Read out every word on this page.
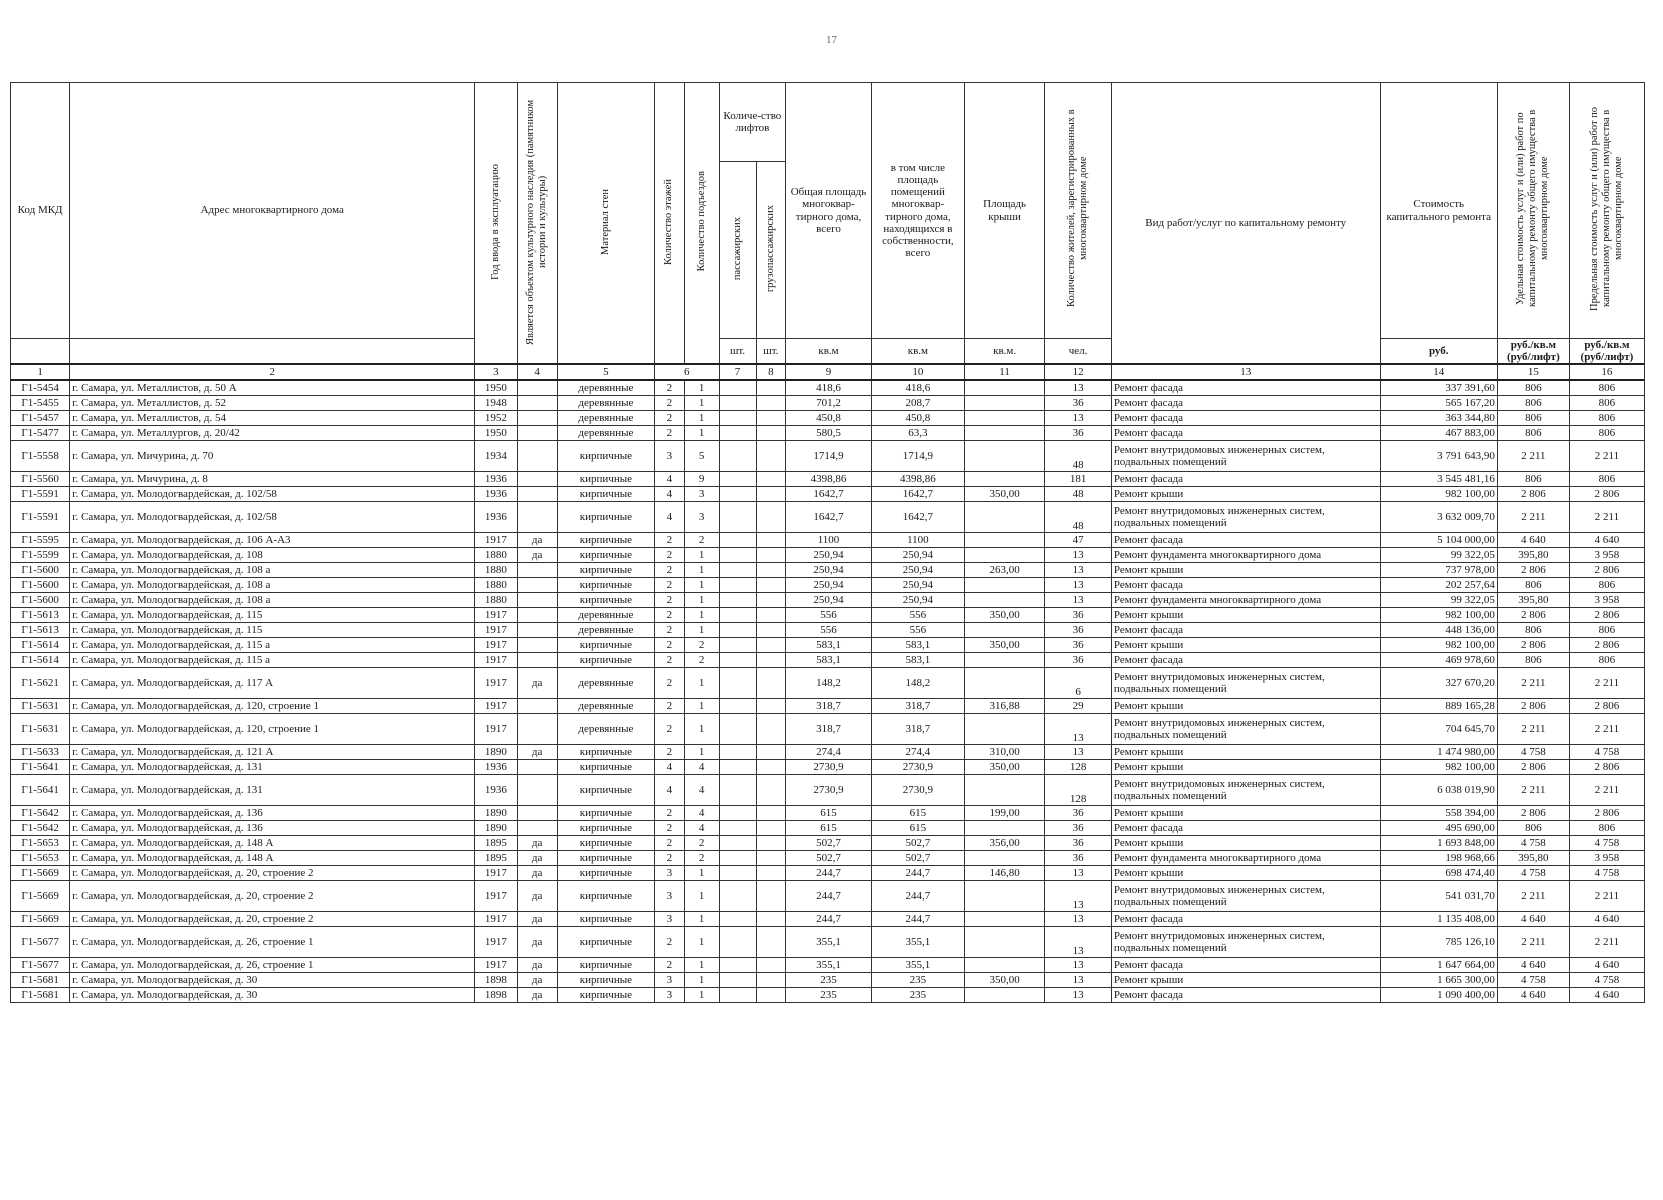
17
Код МКД	Адрес многоквартирного дома	Год ввода в эксплуатацию	Является объектом культурного наследия (памятником истории и культуры)	Материал стен	Количество этажей	Количество подъездов	Количе-ство лифтов		Общая площадь многоквар-тирного дома, всего	в том числе площадь помещений многоквар-тирного дома, находящихся в собственности, всего	Площадь крыши	Количество жителей, зарегистрированных в многоквартирном доме	Вид работ/услуг по капитальному ремонту	Стоимость капитального ремонта	Удельная стоимость услуг и (или) работ по капитальному ремонту общего имущества в многоквартирном доме	Предельная стоимость услуг и (или) работ по капитальному ремонту общего имущества в многоквартирном доме
							пассажирских	грузопассажирских								
							шт.	шт.	кв.м	кв.м	кв.м.	чел.		руб.	руб./кв.м (руб/лифт)	руб./кв.м (руб/лифт)
1	2	3	4	5	6		7	8	9	10	11	12	13	14	15	16
Г1-5454	г. Самара, ул. Металлистов, д. 50 А	1950		деревянные	2	1			418,6	418,6		13	Ремонт фасада	337 391,60	806	806
Г1-5455	г. Самара, ул. Металлистов, д. 52	1948		деревянные	2	1			701,2	208,7		36	Ремонт фасада	565 167,20	806	806
Г1-5457	г. Самара, ул. Металлистов, д. 54	1952		деревянные	2	1			450,8	450,8		13	Ремонт фасада	363 344,80	806	806
Г1-5477	г. Самара, ул. Металлургов, д. 20/42	1950		деревянные	2	1			580,5	63,3		36	Ремонт фасада	467 883,00	806	806
Г1-5558	г. Самара, ул. Мичурина, д. 70	1934		кирпичные	3	5			1714,9	1714,9		48	Ремонт внутридомовых инженерных систем, подвальных помещений	3 791 643,90	2 211	2 211
Г1-5560	г. Самара, ул. Мичурина, д. 8	1936		кирпичные	4	9			4398,86	4398,86		181	Ремонт фасада	3 545 481,16	806	806
Г1-5591	г. Самара, ул. Молодогвардейская, д. 102/58	1936		кирпичные	4	3			1642,7	1642,7	350,00	48	Ремонт крыши	982 100,00	2 806	2 806
Г1-5591	г. Самара, ул. Молодогвардейская, д. 102/58	1936		кирпичные	4	3			1642,7	1642,7		48	Ремонт внутридомовых инженерных систем, подвальных помещений	3 632 009,70	2 211	2 211
Г1-5595	г. Самара, ул. Молодогвардейская, д. 106 А-А3	1917	да	кирпичные	2	2			1100	1100		47	Ремонт фасада	5 104 000,00	4 640	4 640
Г1-5599	г. Самара, ул. Молодогвардейская, д. 108	1880	да	кирпичные	2	1			250,94	250,94		13	Ремонт фундамента многоквартирного дома	99 322,05	395,80	3 958
Г1-5600	г. Самара, ул. Молодогвардейская, д. 108 а	1880		кирпичные	2	1			250,94	250,94	263,00	13	Ремонт крыши	737 978,00	2 806	2 806
Г1-5600	г. Самара, ул. Молодогвардейская, д. 108 а	1880		кирпичные	2	1			250,94	250,94		13	Ремонт фасада	202 257,64	806	806
Г1-5600	г. Самара, ул. Молодогвардейская, д. 108 а	1880		кирпичные	2	1			250,94	250,94		13	Ремонт фундамента многоквартирного дома	99 322,05	395,80	3 958
Г1-5613	г. Самара, ул. Молодогвардейская, д. 115	1917		деревянные	2	1			556	556	350,00	36	Ремонт крыши	982 100,00	2 806	2 806
Г1-5613	г. Самара, ул. Молодогвардейская, д. 115	1917		деревянные	2	1			556	556		36	Ремонт фасада	448 136,00	806	806
Г1-5614	г. Самара, ул. Молодогвардейская, д. 115 а	1917		кирпичные	2	2			583,1	583,1	350,00	36	Ремонт крыши	982 100,00	2 806	2 806
Г1-5614	г. Самара, ул. Молодогвардейская, д. 115 а	1917		кирпичные	2	2			583,1	583,1		36	Ремонт фасада	469 978,60	806	806
Г1-5621	г. Самара, ул. Молодогвардейская, д. 117 А	1917	да	деревянные	2	1			148,2	148,2		6	Ремонт внутридомовых инженерных систем, подвальных помещений	327 670,20	2 211	2 211
Г1-5631	г. Самара, ул. Молодогвардейская, д. 120, строение 1	1917		деревянные	2	1			318,7	318,7	316,88	29	Ремонт крыши	889 165,28	2 806	2 806
Г1-5631	г. Самара, ул. Молодогвардейская, д. 120, строение 1	1917		деревянные	2	1			318,7	318,7		13	Ремонт внутридомовых инженерных систем, подвальных помещений	704 645,70	2 211	2 211
Г1-5633	г. Самара, ул. Молодогвардейская, д. 121 А	1890	да	кирпичные	2	1			274,4	274,4	310,00	13	Ремонт крыши	1 474 980,00	4 758	4 758
Г1-5641	г. Самара, ул. Молодогвардейская, д. 131	1936		кирпичные	4	4			2730,9	2730,9	350,00	128	Ремонт крыши	982 100,00	2 806	2 806
Г1-5641	г. Самара, ул. Молодогвардейская, д. 131	1936		кирпичные	4	4			2730,9	2730,9		128	Ремонт внутридомовых инженерных систем, подвальных помещений	6 038 019,90	2 211	2 211
Г1-5642	г. Самара, ул. Молодогвардейская, д. 136	1890		кирпичные	2	4			615	615	199,00	36	Ремонт крыши	558 394,00	2 806	2 806
Г1-5642	г. Самара, ул. Молодогвардейская, д. 136	1890		кирпичные	2	4			615	615		36	Ремонт фасада	495 690,00	806	806
Г1-5653	г. Самара, ул. Молодогвардейская, д. 148 А	1895	да	кирпичные	2	2			502,7	502,7	356,00	36	Ремонт крыши	1 693 848,00	4 758	4 758
Г1-5653	г. Самара, ул. Молодогвардейская, д. 148 А	1895	да	кирпичные	2	2			502,7	502,7		36	Ремонт фундамента многоквартирного дома	198 968,66	395,80	3 958
Г1-5669	г. Самара, ул. Молодогвардейская, д. 20, строение 2	1917	да	кирпичные	3	1			244,7	244,7	146,80	13	Ремонт крыши	698 474,40	4 758	4 758
Г1-5669	г. Самара, ул. Молодогвардейская, д. 20, строение 2	1917	да	кирпичные	3	1			244,7	244,7		13	Ремонт внутридомовых инженерных систем, подвальных помещений	541 031,70	2 211	2 211
Г1-5669	г. Самара, ул. Молодогвардейская, д. 20, строение 2	1917	да	кирпичные	3	1			244,7	244,7		13	Ремонт фасада	1 135 408,00	4 640	4 640
Г1-5677	г. Самара, ул. Молодогвардейская, д. 26, строение 1	1917	да	кирпичные	2	1			355,1	355,1		13	Ремонт внутридомовых инженерных систем, подвальных помещений	785 126,10	2 211	2 211
Г1-5677	г. Самара, ул. Молодогвардейская, д. 26, строение 1	1917	да	кирпичные	2	1			355,1	355,1		13	Ремонт фасада	1 647 664,00	4 640	4 640
Г1-5681	г. Самара, ул. Молодогвардейская, д. 30	1898	да	кирпичные	3	1			235	235	350,00	13	Ремонт крыши	1 665 300,00	4 758	4 758
Г1-5681	г. Самара, ул. Молодогвардейская, д. 30	1898	да	кирпичные	3	1			235	235		13	Ремонт фасада	1 090 400,00	4 640	4 640
